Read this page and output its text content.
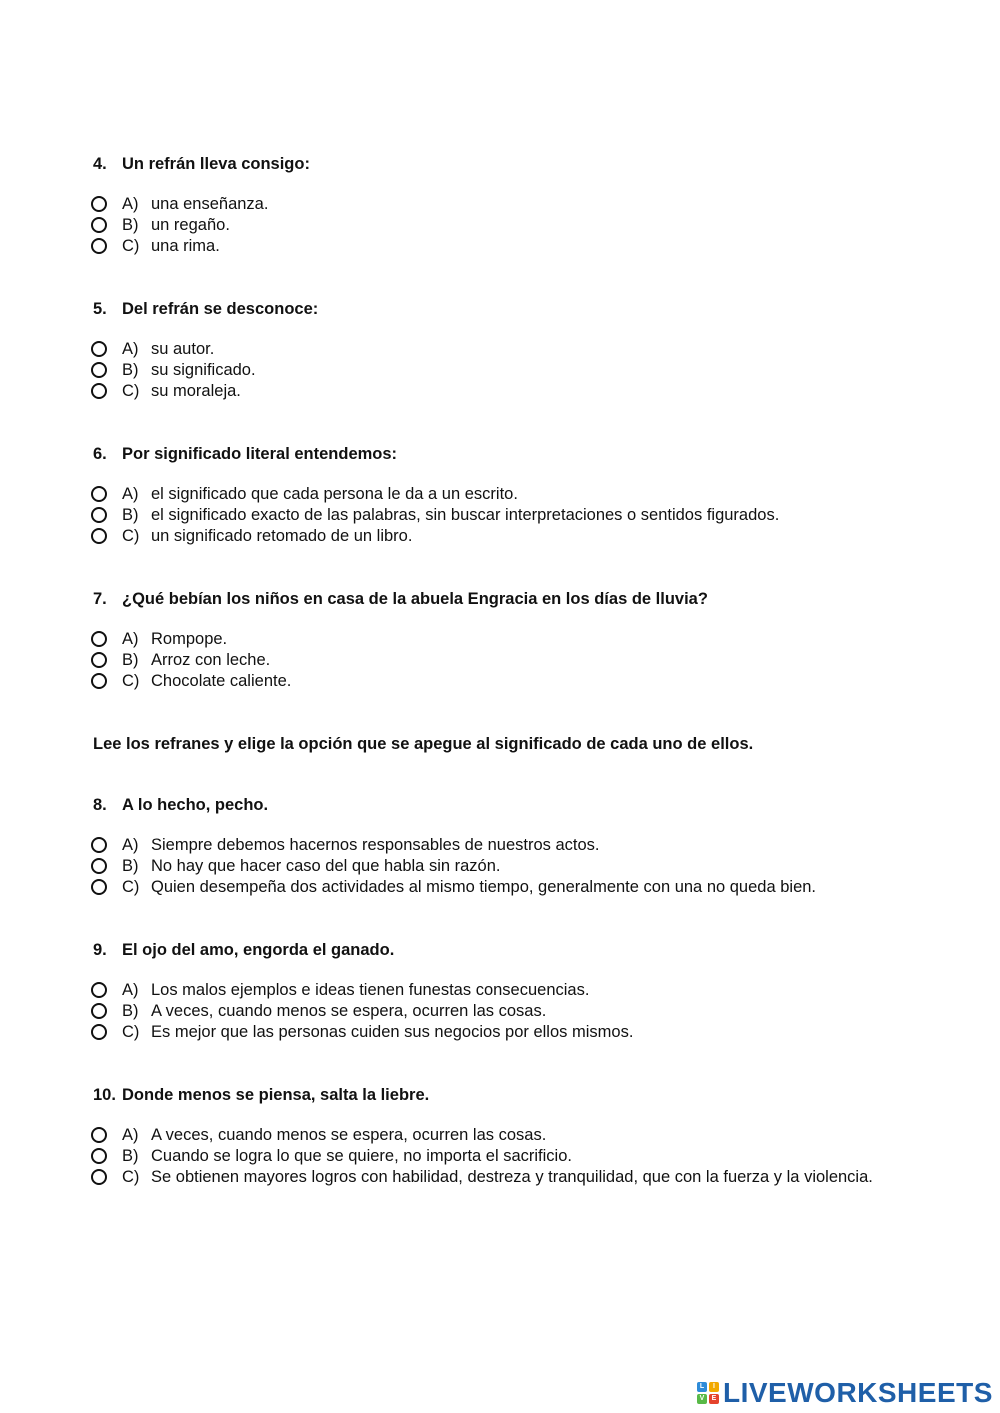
4. Un refrán lleva consigo:
A) una enseñanza.
B) un regaño.
C) una rima.
5. Del refrán se desconoce:
A) su autor.
B) su significado.
C) su moraleja.
6. Por significado literal entendemos:
A) el significado que cada persona le da a un escrito.
B) el significado exacto de las palabras, sin buscar interpretaciones o sentidos figurados.
C) un significado retomado de un libro.
7. ¿Qué bebían los niños en casa de la abuela Engracia en los días de lluvia?
A) Rompope.
B) Arroz con leche.
C) Chocolate caliente.
Lee los refranes y elige la opción que se apegue al significado de cada uno de ellos.
8. A lo hecho, pecho.
A) Siempre debemos hacernos responsables de nuestros actos.
B) No hay que hacer caso del que habla sin razón.
C) Quien desempeña dos actividades al mismo tiempo, generalmente con una no queda bien.
9. El ojo del amo, engorda el ganado.
A) Los malos ejemplos e ideas tienen funestas consecuencias.
B) A veces, cuando menos se espera, ocurren las cosas.
C) Es mejor que las personas cuiden sus negocios por ellos mismos.
10. Donde menos se piensa, salta la liebre.
A) A veces, cuando menos se espera, ocurren las cosas.
B) Cuando se logra lo que se quiere, no importa el sacrificio.
C) Se obtienen mayores logros con habilidad, destreza y tranquilidad, que con la fuerza y la violencia.
L	I
V	E LIVEWORKSHEETS
